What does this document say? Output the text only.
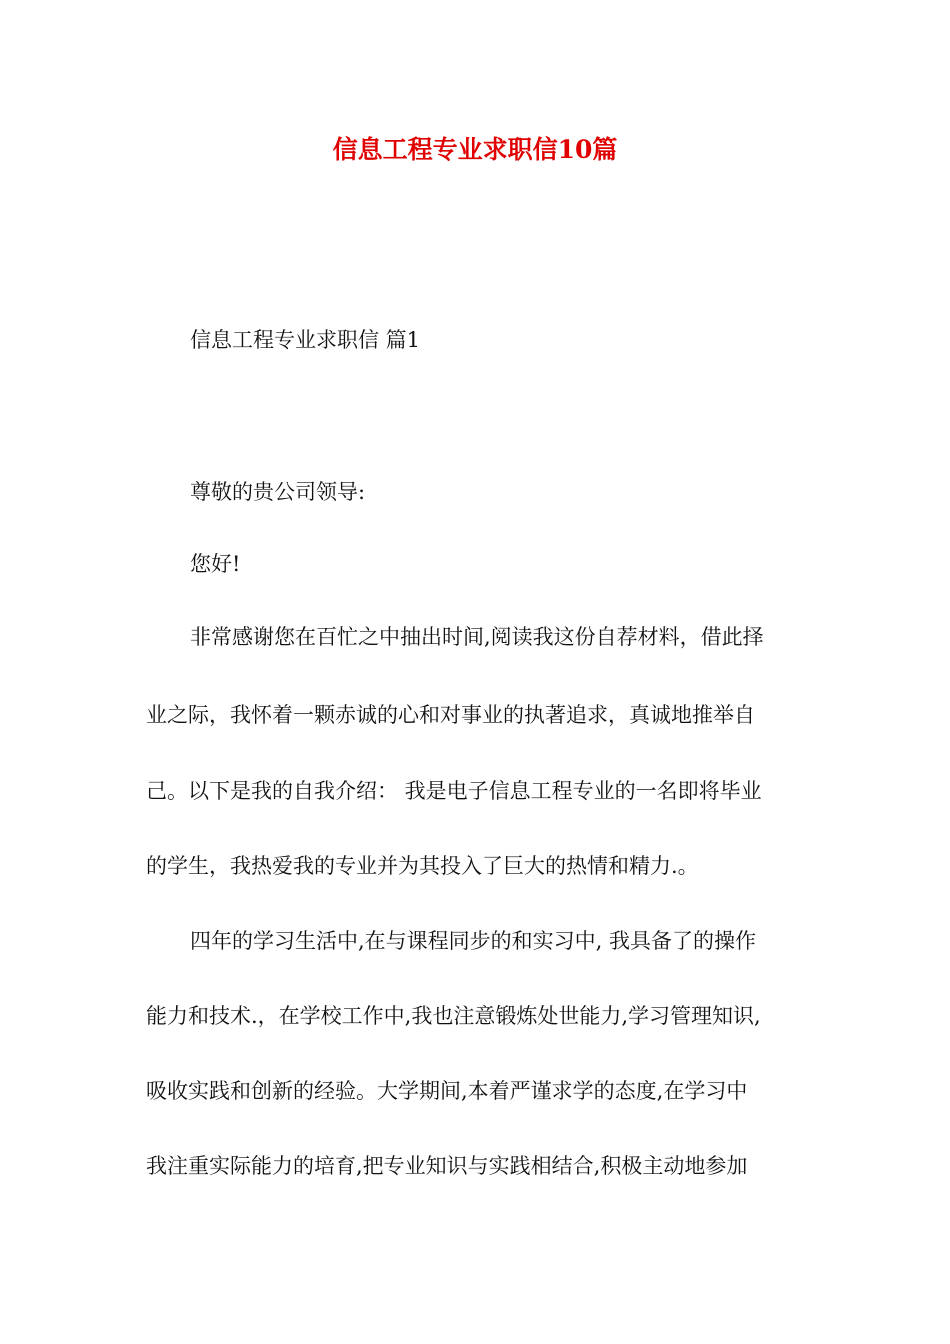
信息工程专业求职信10篇

信息工程专业求职信 篇1

尊敬的贵公司领导:

您好!

非常感谢您在百忙之中抽出时间,阅读我这份自荐材料，借此择

业之际，我怀着一颗赤诚的心和对事业的执著追求，真诚地推举自

己。以下是我的自我介绍： 我是电子信息工程专业的一名即将毕业

的学生，我热爱我的专业并为其投入了巨大的热情和精力.。

四年的学习生活中,在与课程同步的和实习中, 我具备了的操作

能力和技术.，在学校工作中,我也注意锻炼处世能力,学习管理知识,

吸收实践和创新的经验。大学期间,本着严谨求学的态度,在学习中

我注重实际能力的培育,把专业知识与实践相结合,积极主动地参加
